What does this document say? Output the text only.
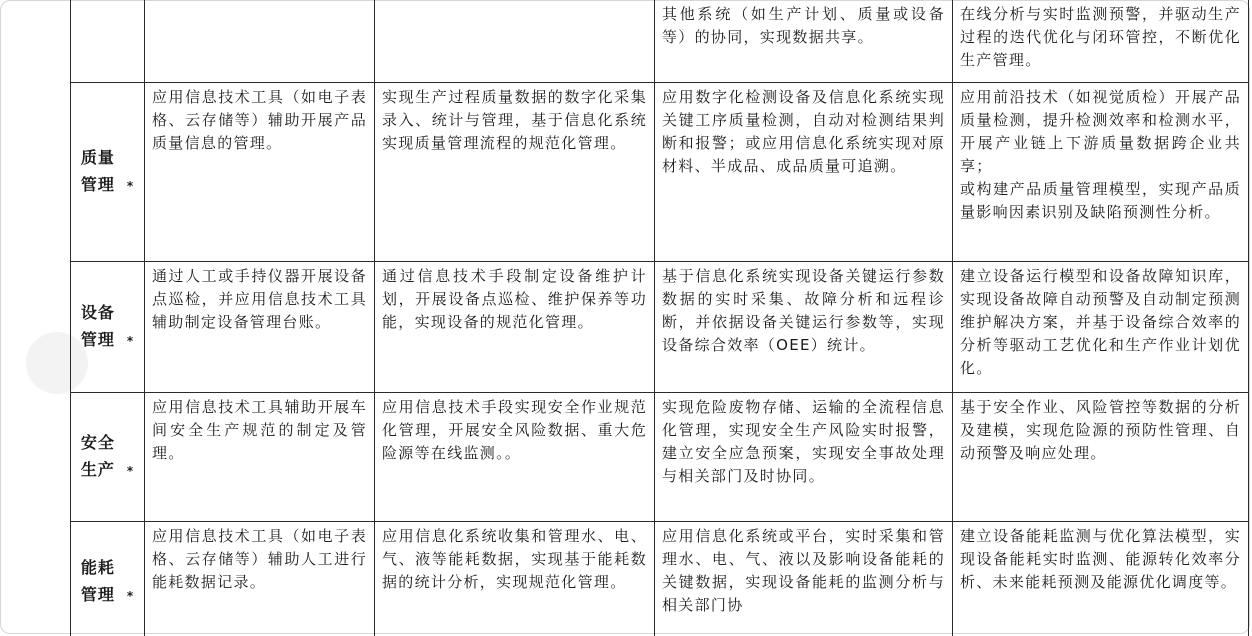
			其他系统（如生产计划、质量或设备等）的协同，实现数据共享。	在线分析与实时监测预警，并驱动生产过程的迭代优化与闭环管控，不断优化生产管理。

质量管理 *	应用信息技术工具（如电子表格、云存储等）辅助开展产品质量信息的管理。	实现生产过程质量数据的数字化采集录入、统计与管理，基于信息化系统实现质量管理流程的规范化管理。	应用数字化检测设备及信息化系统实现关键工序质量检测，自动对检测结果判断和报警；或应用信息化系统实现对原材料、半成品、成品质量可追溯。	应用前沿技术（如视觉质检）开展产品质量检测，提升检测效率和检测水平，开展产业链上下游质量数据跨企业共享；
或构建产品质量管理模型，实现产品质量影响因素识别及缺陷预测性分析。

设备管理 *	通过人工或手持仪器开展设备点巡检，并应用信息技术工具辅助制定设备管理台账。	通过信息技术手段制定设备维护计划，开展设备点巡检、维护保养等功能，实现设备的规范化管理。	基于信息化系统实现设备关键运行参数数据的实时采集、故障分析和远程诊断，并依据设备关键运行参数等，实现设备综合效率（OEE）统计。	建立设备运行模型和设备故障知识库，实现设备故障自动预警及自动制定预测维护解决方案，并基于设备综合效率的分析等驱动工艺优化和生产作业计划优化。

安全生产 *	应用信息技术工具辅助开展车间安全生产规范的制定及管理。	应用信息技术手段实现安全作业规范化管理，开展安全风险数据、重大危险源等在线监测。。	实现危险废物存储、运输的全流程信息化管理，实现安全生产风险实时报警，建立安全应急预案，实现安全事故处理与相关部门及时协同。	基于安全作业、风险管控等数据的分析及建模，实现危险源的预防性管理、自动预警及响应处理。

能耗管理 *	应用信息技术工具（如电子表格、云存储等）辅助人工进行能耗数据记录。	应用信息化系统收集和管理水、电、气、液等能耗数据，实现基于能耗数据的统计分析，实现规范化管理。	应用信息化系统或平台，实时采集和管理水、电、气、液以及影响设备能耗的关键数据，实现设备能耗的监测分析与相关部门协	建立设备能耗监测与优化算法模型，实现设备能耗实时监测、能源转化效率分析、未来能耗预测及能源优化调度等。
